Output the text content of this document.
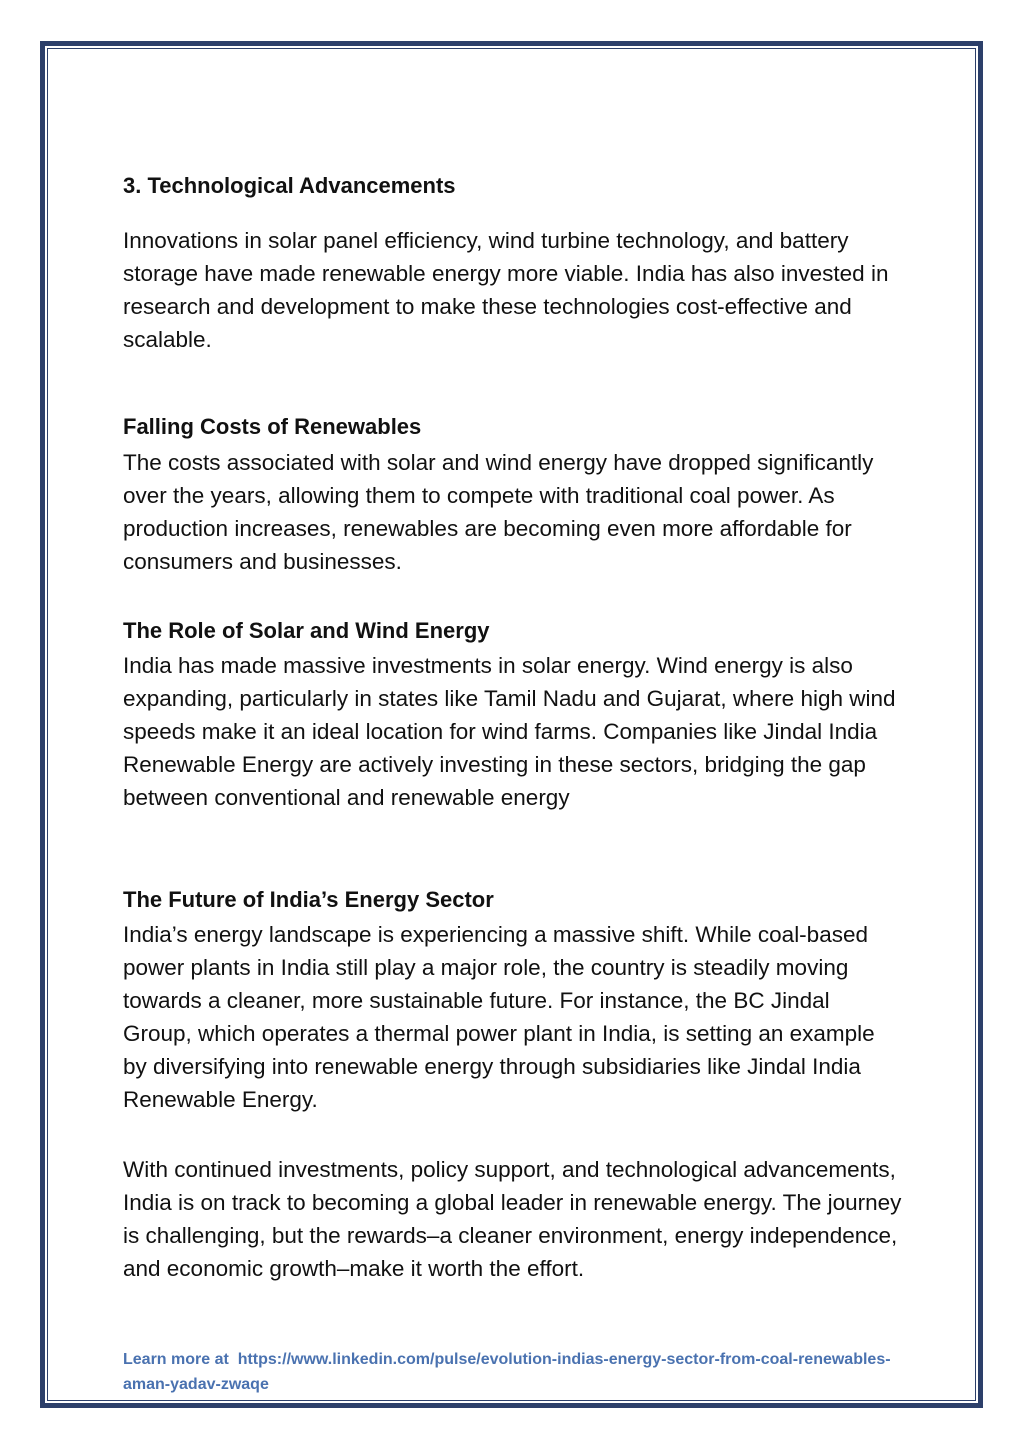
3. Technological Advancements

Innovations in solar panel efficiency, wind turbine technology, and battery storage have made renewable energy more viable. India has also invested in research and development to make these technologies cost-effective and scalable.

Falling Costs of Renewables

The costs associated with solar and wind energy have dropped significantly over the years, allowing them to compete with traditional coal power. As production increases, renewables are becoming even more affordable for consumers and businesses.

The Role of Solar and Wind Energy

India has made massive investments in solar energy. Wind energy is also expanding, particularly in states like Tamil Nadu and Gujarat, where high wind speeds make it an ideal location for wind farms. Companies like Jindal India Renewable Energy are actively investing in these sectors, bridging the gap between conventional and renewable energy

The Future of India’s Energy Sector

India’s energy landscape is experiencing a massive shift. While coal-based power plants in India still play a major role, the country is steadily moving towards a cleaner, more sustainable future. For instance, the BC Jindal Group, which operates a thermal power plant in India, is setting an example by diversifying into renewable energy through subsidiaries like Jindal India Renewable Energy.

With continued investments, policy support, and technological advancements, India is on track to becoming a global leader in renewable energy. The journey is challenging, but the rewards–a cleaner environment, energy independence, and economic growth–make it worth the effort.

Learn more at https://www.linkedin.com/pulse/evolution-indias-energy-sector-from-coal-renewables-aman-yadav-zwaqe
